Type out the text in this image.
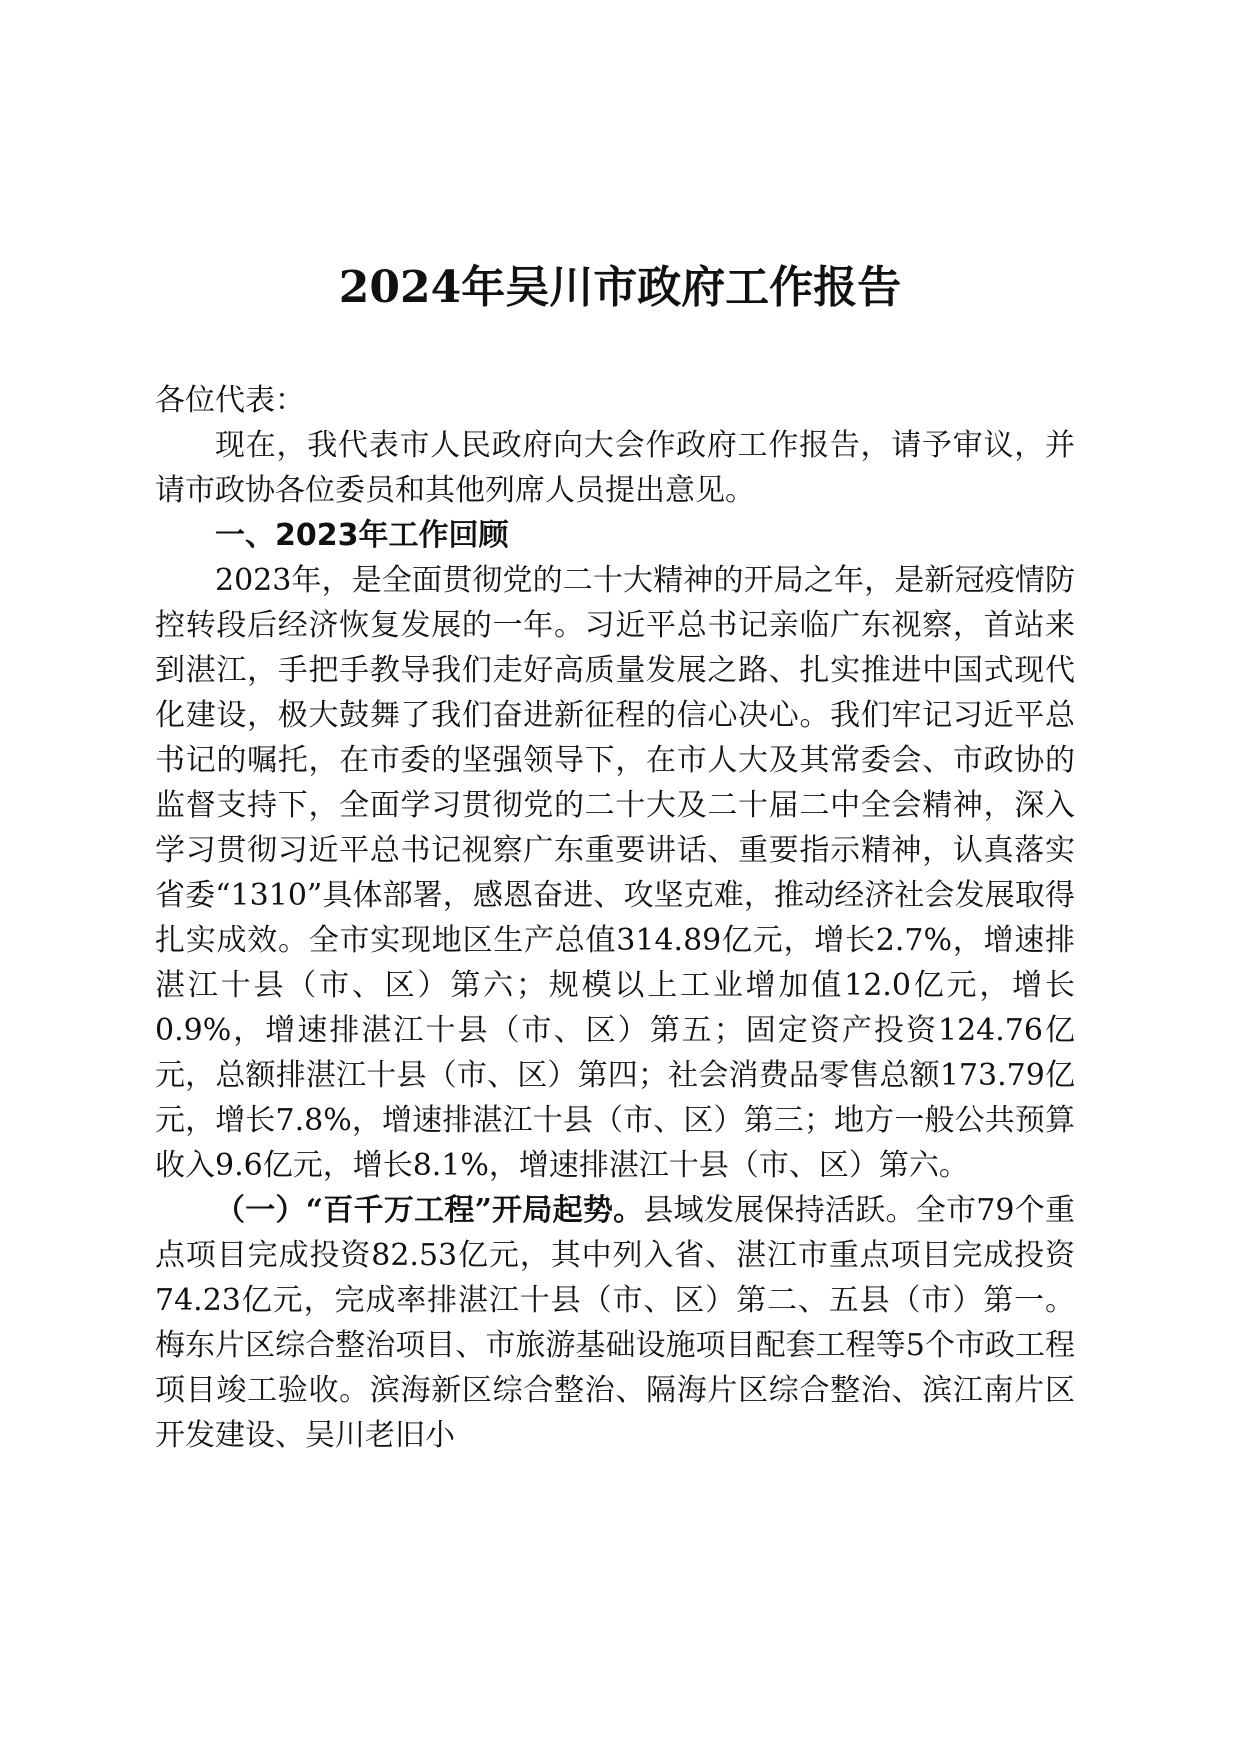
2024年吴川市政府工作报告

各位代表：

现在，我代表市人民政府向大会作政府工作报告，请予审议，并请市政协各位委员和其他列席人员提出意见。

一、2023年工作回顾

2023年，是全面贯彻党的二十大精神的开局之年，是新冠疫情防控转段后经济恢复发展的一年。习近平总书记亲临广东视察，首站来到湛江，手把手教导我们走好高质量发展之路、扎实推进中国式现代化建设，极大鼓舞了我们奋进新征程的信心决心。我们牢记习近平总书记的嘱托，在市委的坚强领导下，在市人大及其常委会、市政协的监督支持下，全面学习贯彻党的二十大及二十届二中全会精神，深入学习贯彻习近平总书记视察广东重要讲话、重要指示精神，认真落实省委“1310”具体部署，感恩奋进、攻坚克难，推动经济社会发展取得扎实成效。全市实现地区生产总值314.89亿元，增长2.7%，增速排湛江十县（市、区）第六；规模以上工业增加值12.0亿元，增长0.9%，增速排湛江十县（市、区）第五；固定资产投资124.76亿元，总额排湛江十县（市、区）第四；社会消费品零售总额173.79亿元，增长7.8%，增速排湛江十县（市、区）第三；地方一般公共预算收入9.6亿元，增长8.1%，增速排湛江十县（市、区）第六。

（一）“百千万工程”开局起势。县域发展保持活跃。全市79个重点项目完成投资82.53亿元，其中列入省、湛江市重点项目完成投资74.23亿元，完成率排湛江十县（市、区）第二、五县（市）第一。梅东片区综合整治项目、市旅游基础设施项目配套工程等5个市政工程项目竣工验收。滨海新区综合整治、隔海片区综合整治、滨江南片区开发建设、吴川老旧小
